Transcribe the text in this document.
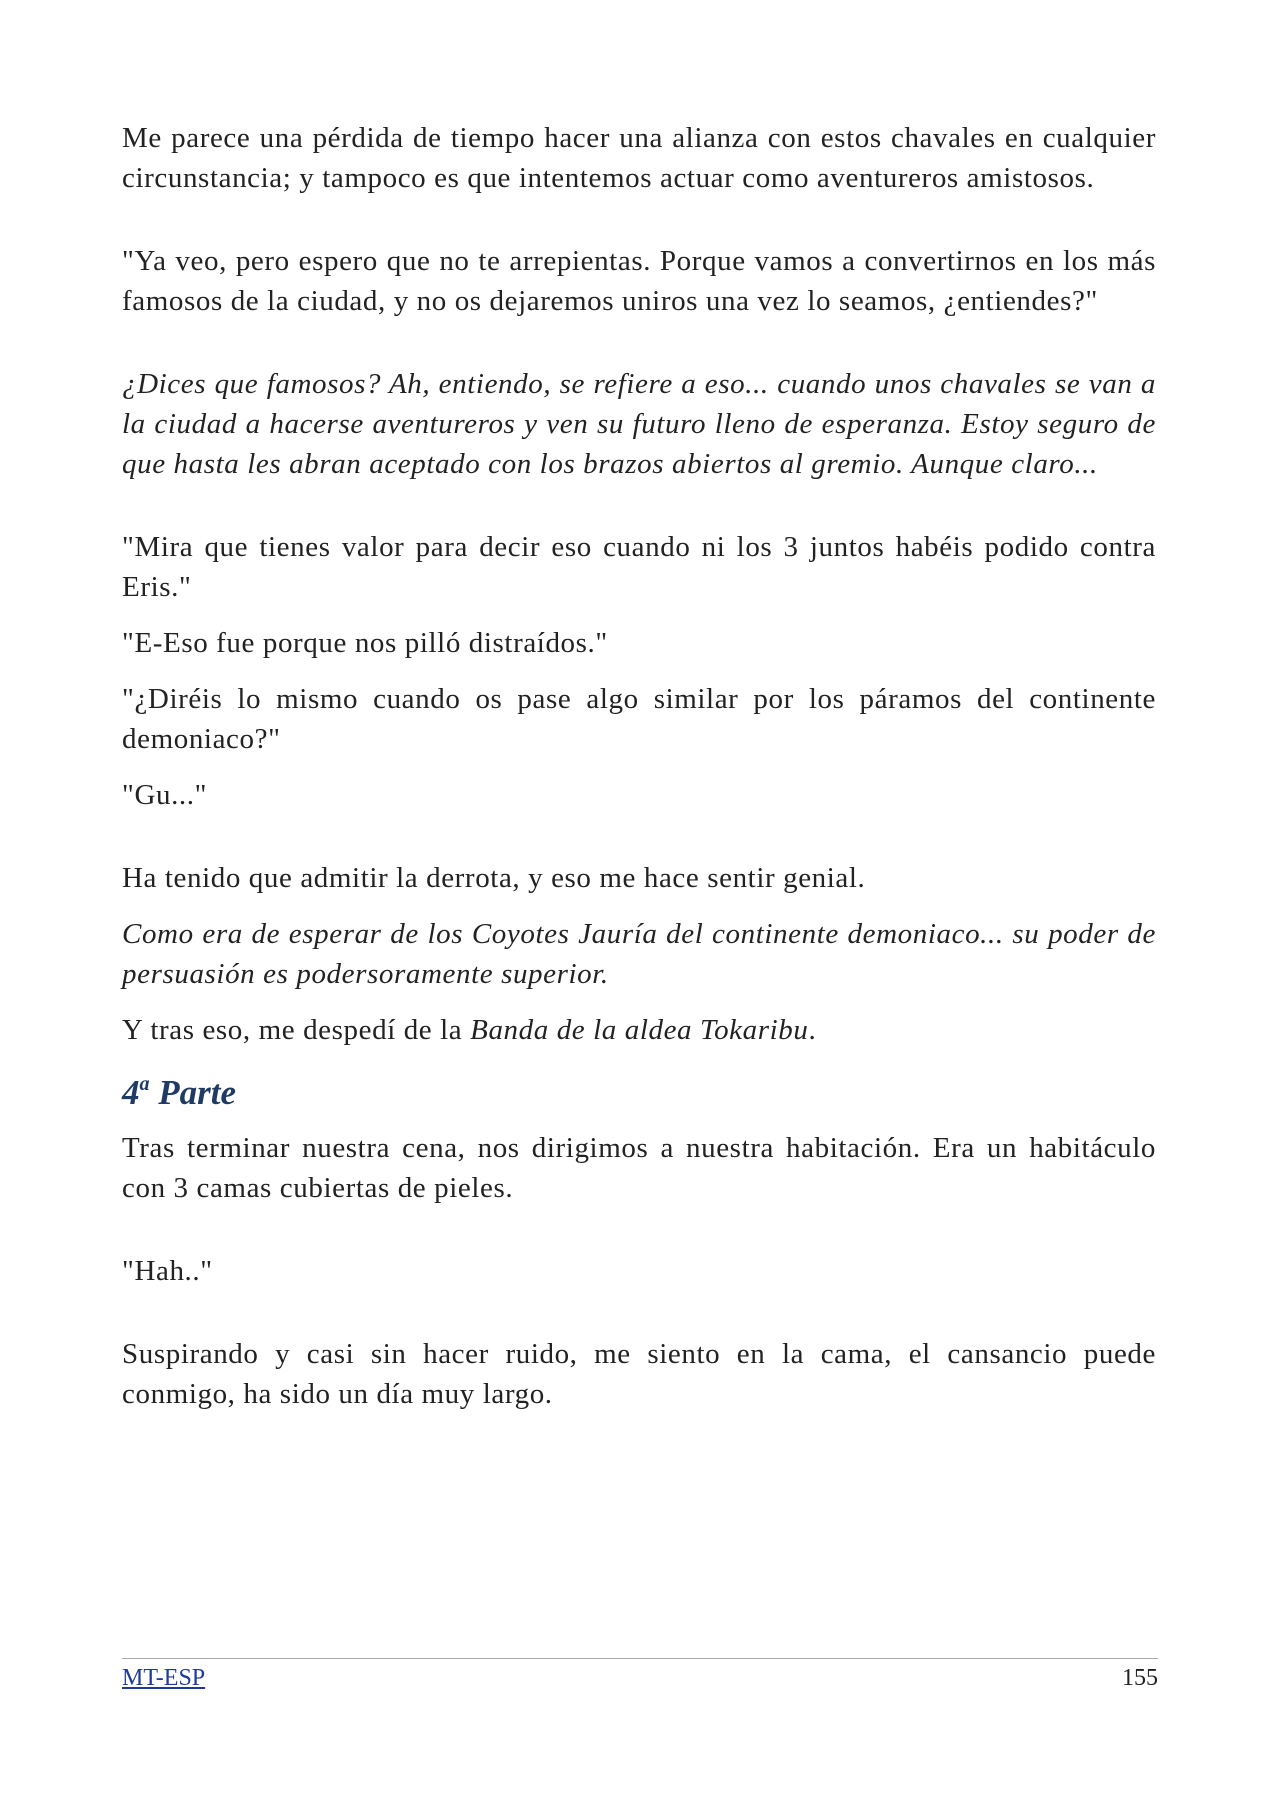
Me parece una pérdida de tiempo hacer una alianza con estos chavales en cualquier circunstancia; y tampoco es que intentemos actuar como aventureros amistosos.

"Ya veo, pero espero que no te arrepientas. Porque vamos a convertirnos en los más famosos de la ciudad, y no os dejaremos uniros una vez lo seamos, ¿entiendes?"

¿Dices que famosos? Ah, entiendo, se refiere a eso... cuando unos chavales se van a la ciudad a hacerse aventureros y ven su futuro lleno de esperanza. Estoy seguro de que hasta les abran aceptado con los brazos abiertos al gremio. Aunque claro...

"Mira que tienes valor para decir eso cuando ni los 3 juntos habéis podido contra Eris."

"E-Eso fue porque nos pilló distraídos."

"¿Diréis lo mismo cuando os pase algo similar por los páramos del continente demoniaco?"

"Gu..."

Ha tenido que admitir la derrota, y eso me hace sentir genial.

Como era de esperar de los Coyotes Jauría del continente demoniaco... su poder de persuasión es podersoramente superior.

Y tras eso, me despedí de la Banda de la aldea Tokaribu.

4$^a$ Parte

Tras terminar nuestra cena, nos dirigimos a nuestra habitación. Era un habitáculo con 3 camas cubiertas de pieles.

"Hah.."

Suspirando y casi sin hacer ruido, me siento en la cama, el cansancio puede conmigo, ha sido un día muy largo.

MT-ESP	155
